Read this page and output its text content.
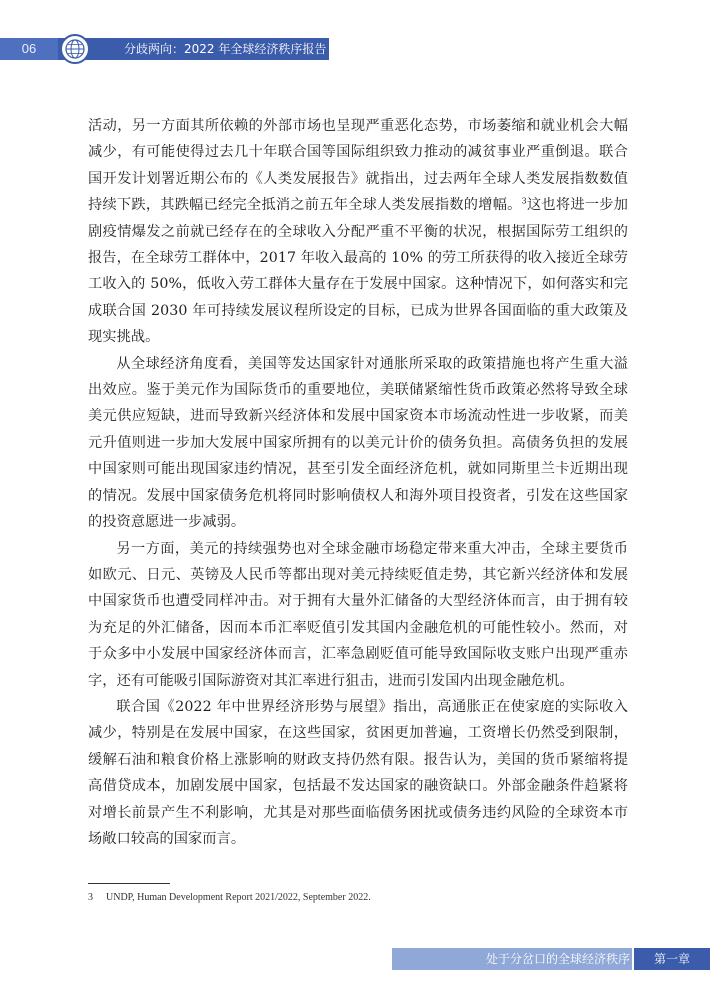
06	分歧两向：2022 年全球经济秩序报告

活动，另一方面其所依赖的外部市场也呈现严重恶化态势，市场萎缩和就业机会大幅减少，有可能使得过去几十年联合国等国际组织致力推动的减贫事业严重倒退。联合国开发计划署近期公布的《人类发展报告》就指出，过去两年全球人类发展指数数值持续下跌，其跌幅已经完全抵消之前五年全球人类发展指数的增幅。$^3$这也将进一步加剧疫情爆发之前就已经存在的全球收入分配严重不平衡的状况，根据国际劳工组织的报告，在全球劳工群体中，2017 年收入最高的 10% 的劳工所获得的收入接近全球劳工收入的 50%，低收入劳工群体大量存在于发展中国家。这种情况下，如何落实和完成联合国 2030 年可持续发展议程所设定的目标，已成为世界各国面临的重大政策及现实挑战。

从全球经济角度看，美国等发达国家针对通胀所采取的政策措施也将产生重大溢出效应。鉴于美元作为国际货币的重要地位，美联储紧缩性货币政策必然将导致全球美元供应短缺，进而导致新兴经济体和发展中国家资本市场流动性进一步收紧，而美元升值则进一步加大发展中国家所拥有的以美元计价的债务负担。高债务负担的发展中国家则可能出现国家违约情况，甚至引发全面经济危机，就如同斯里兰卡近期出现的情况。发展中国家债务危机将同时影响债权人和海外项目投资者，引发在这些国家的投资意愿进一步减弱。

另一方面，美元的持续强势也对全球金融市场稳定带来重大冲击，全球主要货币如欧元、日元、英镑及人民币等都出现对美元持续贬值走势，其它新兴经济体和发展中国家货币也遭受同样冲击。对于拥有大量外汇储备的大型经济体而言，由于拥有较为充足的外汇储备，因而本币汇率贬值引发其国内金融危机的可能性较小。然而，对于众多中小发展中国家经济体而言，汇率急剧贬值可能导致国际收支账户出现严重赤字，还有可能吸引国际游资对其汇率进行狙击，进而引发国内出现金融危机。

联合国《2022 年中世界经济形势与展望》指出，高通胀正在使家庭的实际收入减少，特别是在发展中国家，在这些国家，贫困更加普遍，工资增长仍然受到限制，缓解石油和粮食价格上涨影响的财政支持仍然有限。报告认为，美国的货币紧缩将提高借贷成本，加剧发展中国家，包括最不发达国家的融资缺口。外部金融条件趋紧将对增长前景产生不利影响，尤其是对那些面临债务困扰或债务违约风险的全球资本市场敞口较高的国家而言。

3 UNDP, Human Development Report 2021/2022, September 2022.
处于分岔口的全球经济秩序	第一章
